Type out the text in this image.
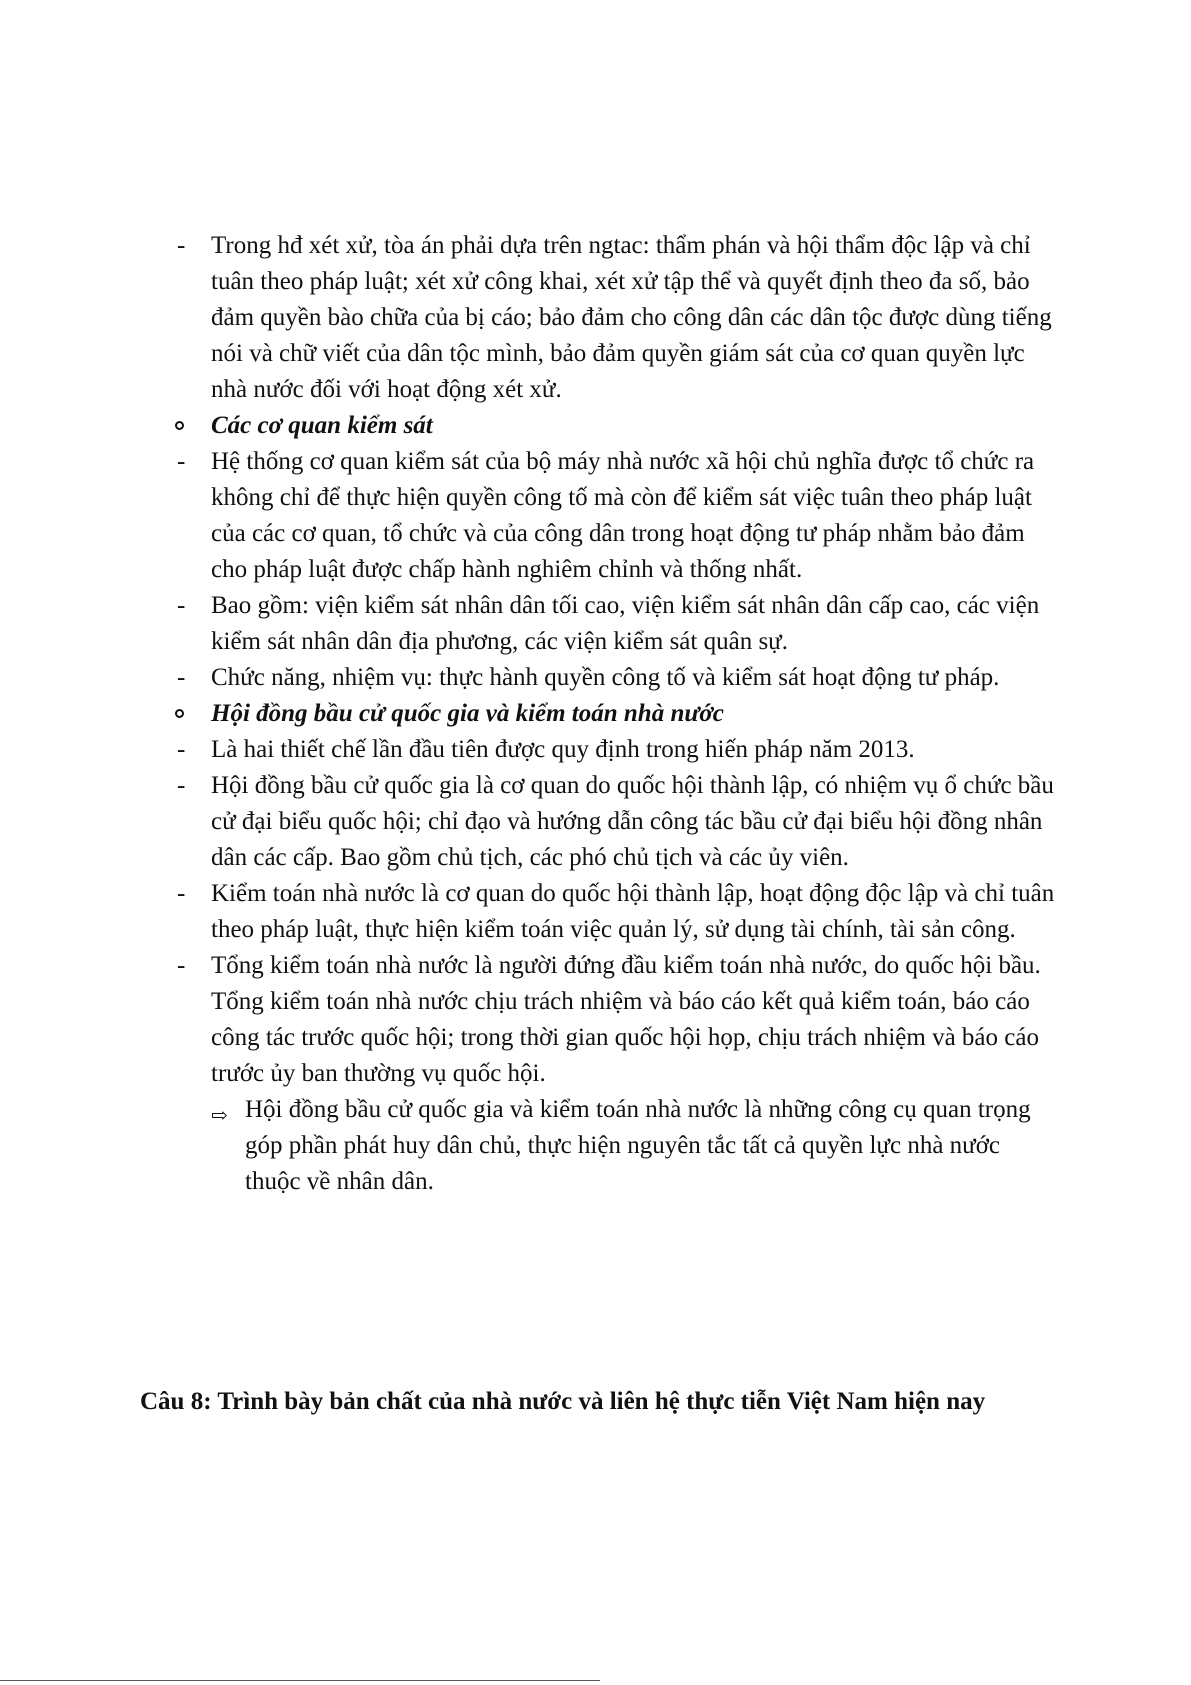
- Trong hđ xét xử, tòa án phải dựa trên ngtac: thẩm phán và hội thẩm độc lập và chỉ tuân theo pháp luật; xét xử công khai, xét xử tập thể và quyết định theo đa số, bảo đảm quyền bào chữa của bị cáo; bảo đảm cho công dân các dân tộc được dùng tiếng nói và chữ viết của dân tộc mình, bảo đảm quyền giám sát của cơ quan quyền lực nhà nước đối với hoạt động xét xử.
Các cơ quan kiểm sát
- Hệ thống cơ quan kiểm sát của bộ máy nhà nước xã hội chủ nghĩa được tổ chức ra không chỉ để thực hiện quyền công tố mà còn để kiểm sát việc tuân theo pháp luật của các cơ quan, tổ chức và của công dân trong hoạt động tư pháp nhằm bảo đảm cho pháp luật được chấp hành nghiêm chỉnh và thống nhất.
- Bao gồm: viện kiểm sát nhân dân tối cao, viện kiểm sát nhân dân cấp cao, các viện kiểm sát nhân dân địa phương, các viện kiểm sát quân sự.
- Chức năng, nhiệm vụ: thực hành quyền công tố và kiểm sát hoạt động tư pháp.
Hội đồng bầu cử quốc gia và kiểm toán nhà nước
- Là hai thiết chế lần đầu tiên được quy định trong hiến pháp năm 2013.
- Hội đồng bầu cử quốc gia là cơ quan do quốc hội thành lập, có nhiệm vụ ổ chức bầu cử đại biểu quốc hội; chỉ đạo và hướng dẫn công tác bầu cử đại biểu hội đồng nhân dân các cấp. Bao gồm chủ tịch, các phó chủ tịch và các ủy viên.
- Kiểm toán nhà nước là cơ quan do quốc hội thành lập, hoạt động độc lập và chỉ tuân theo pháp luật, thực hiện kiểm toán việc quản lý, sử dụng tài chính, tài sản công.
- Tổng kiểm toán nhà nước là người đứng đầu kiểm toán nhà nước, do quốc hội bầu. Tổng kiểm toán nhà nước chịu trách nhiệm và báo cáo kết quả kiểm toán, báo cáo công tác trước quốc hội; trong thời gian quốc hội họp, chịu trách nhiệm và báo cáo trước ủy ban thường vụ quốc hội.
⇨ Hội đồng bầu cử quốc gia và kiểm toán nhà nước là những công cụ quan trọng góp phần phát huy dân chủ, thực hiện nguyên tắc tất cả quyền lực nhà nước thuộc về nhân dân.
Câu 8: Trình bày bản chất của nhà nước và liên hệ thực tiễn Việt Nam hiện nay
